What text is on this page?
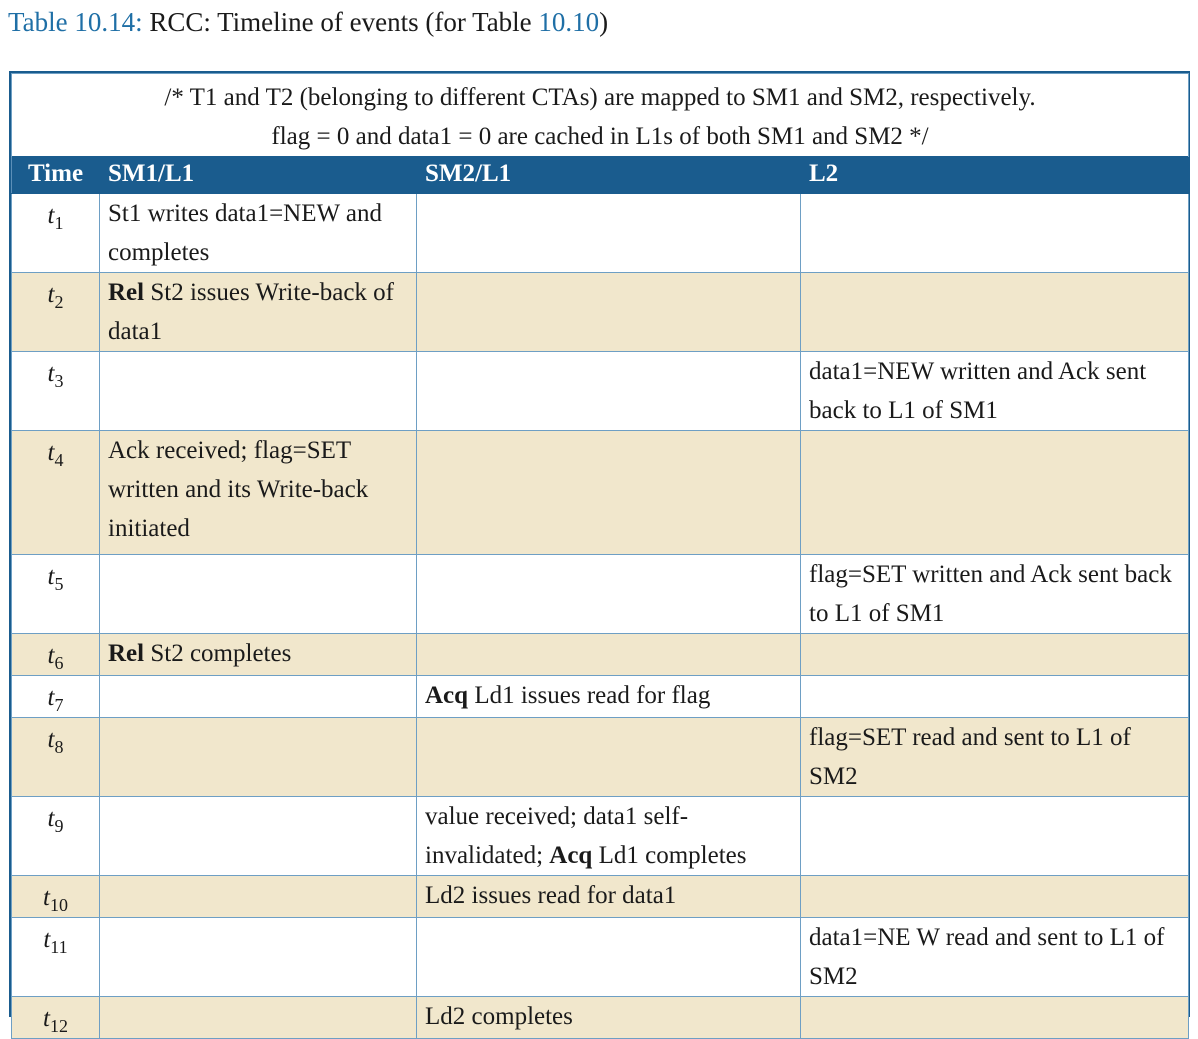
Table 10.14: RCC: Timeline of events (for Table 10.10)
/* T1 and T2 (belonging to different CTAs) are mapped to SM1 and SM2, respectively.
flag = 0 and data1 = 0 are cached in L1s of both SM1 and SM2 */			

Time	SM1/L1	SM2/L1	L2
$t_1$	St1 writes data1=NEW and completes		
$t_2$	Rel St2 issues Write-back of data1		
$t_3$			data1=NEW written and Ack sent back to L1 of SM1
$t_4$	Ack received; flag=SET written and its Write-back initiated		
$t_5$			flag=SET written and Ack sent back to L1 of SM1
$t_6$	Rel St2 completes		
$t_7$		Acq Ld1 issues read for flag	
$t_8$			flag=SET read and sent to L1 of SM2
$t_9$		value received; data1 self-invalidated; Acq Ld1 completes	
$t_{10}$		Ld2 issues read for data1	
$t_{11}$			data1=NE W read and sent to L1 of SM2
$t_{12}$		Ld2 completes	
